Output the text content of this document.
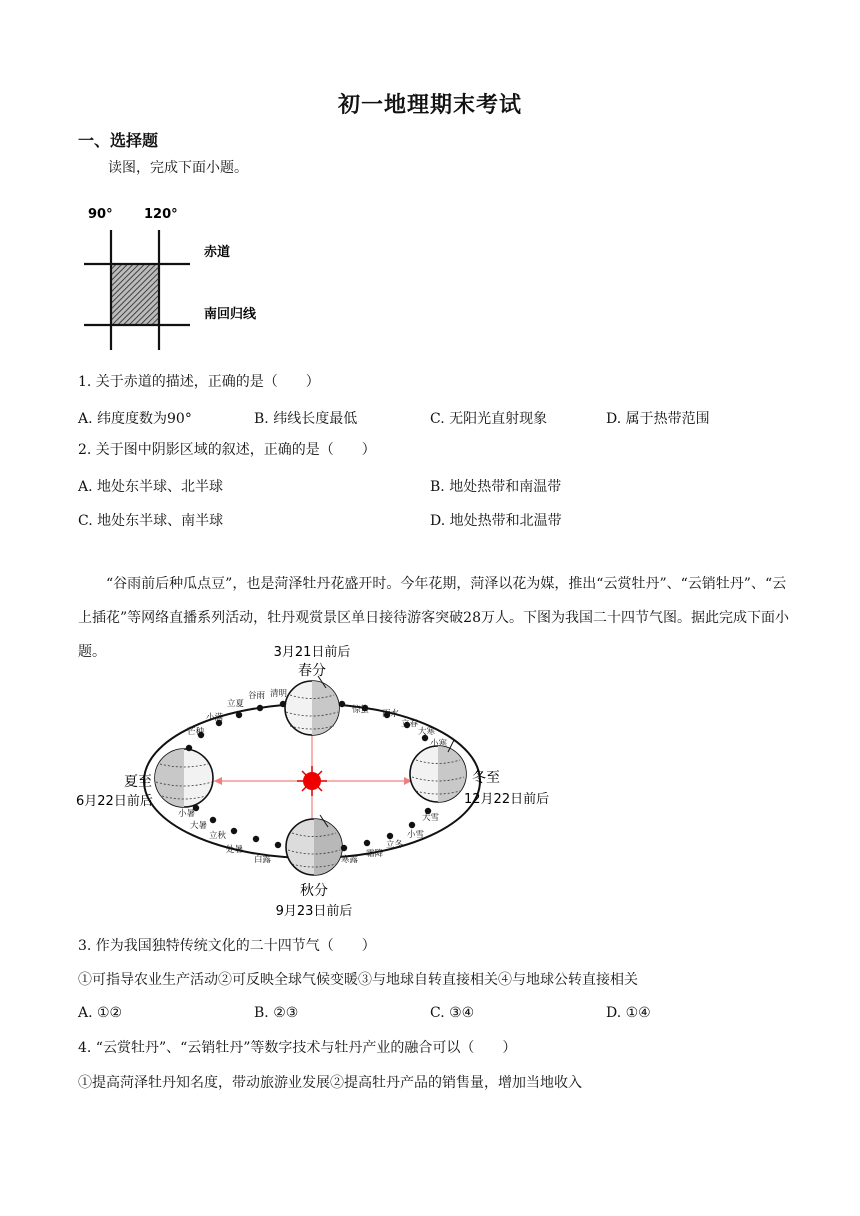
初一地理期末考试
一、选择题
读图，完成下面小题。
90° 120°
赤道
南回归线
1. 关于赤道的描述，正确的是（　　）
A. 纬度度数为90°	B. 纬线长度最低	C. 无阳光直射现象	D. 属于热带范围
2. 关于图中阴影区域的叙述，正确的是（　　）
A. 地处东半球、北半球	B. 地处热带和南温带
C. 地处东半球、南半球	D. 地处热带和北温带
“谷雨前后种瓜点豆”，也是菏泽牡丹花盛开时。今年花期，菏泽以花为媒，推出“云赏牡丹”、“云销牡丹”、“云上插花”等网络直播系列活动，牡丹观赏景区单日接待游客突破28万人。下图为我国二十四节气图。据此完成下面小题。	3月21日前后
春分
夏至
6月22日前后
冬至
12月22日前后
秋分
9月23日前后
清明
谷雨
立夏
小满
芒种
惊蛰 雨水
立春
大寒
小寒
小暑
大暑
立秋
处暑
白露	寒露
霜降
立冬
小雪
大雪
3. 作为我国独特传统文化的二十四节气（　　）
①可指导农业生产活动②可反映全球气候变暖③与地球自转直接相关④与地球公转直接相关
A. ①②	B. ②③	C. ③④	D. ①④
4. “云赏牡丹”、“云销牡丹”等数字技术与牡丹产业的融合可以（　　）
①提高菏泽牡丹知名度，带动旅游业发展②提高牡丹产品的销售量，增加当地收入
